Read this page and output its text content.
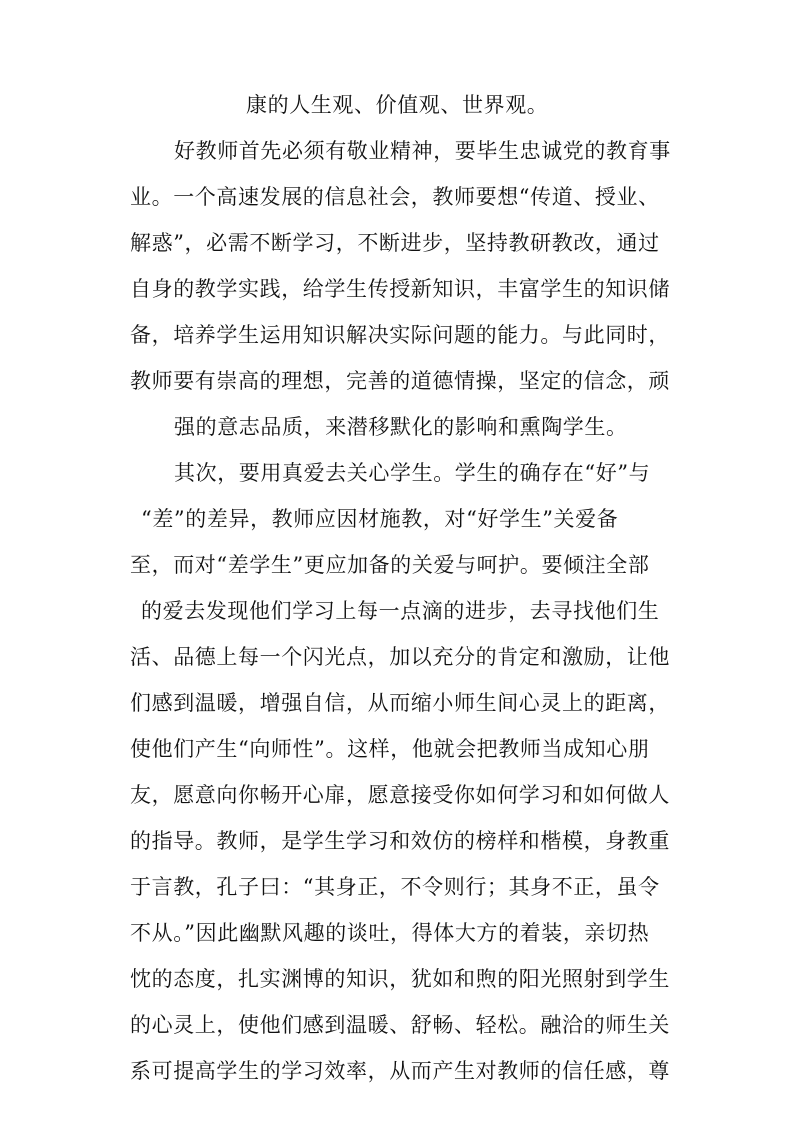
康的人生观、价值观、世界观。
好教师首先必须有敬业精神，要毕生忠诚党的教育事
业。一个高速发展的信息社会，教师要想“传道、授业、
解惑”，必需不断学习，不断进步，坚持教研教改，通过
自身的教学实践，给学生传授新知识，丰富学生的知识储
备，培养学生运用知识解决实际问题的能力。与此同时，
教师要有崇高的理想，完善的道德情操，坚定的信念，顽
强的意志品质，来潜移默化的影响和熏陶学生。
其次，要用真爱去关心学生。学生的确存在“好”与
“差”的差异，教师应因材施教，对“好学生”关爱备
至，而对“差学生”更应加备的关爱与呵护。要倾注全部
的爱去发现他们学习上每一点滴的进步，去寻找他们生
活、品德上每一个闪光点，加以充分的肯定和激励，让他
们感到温暖，增强自信，从而缩小师生间心灵上的距离，
使他们产生“向师性”。这样，他就会把教师当成知心朋
友，愿意向你畅开心扉，愿意接受你如何学习和如何做人
的指导。教师，是学生学习和效仿的榜样和楷模，身教重
于言教，孔子曰：“其身正，不令则行；其身不正，虽令
不从。”因此幽默风趣的谈吐，得体大方的着装，亲切热
忱的态度，扎实渊博的知识，犹如和煦的阳光照射到学生
的心灵上，使他们感到温暖、舒畅、轻松。融洽的师生关
系可提高学生的学习效率，从而产生对教师的信任感，尊
